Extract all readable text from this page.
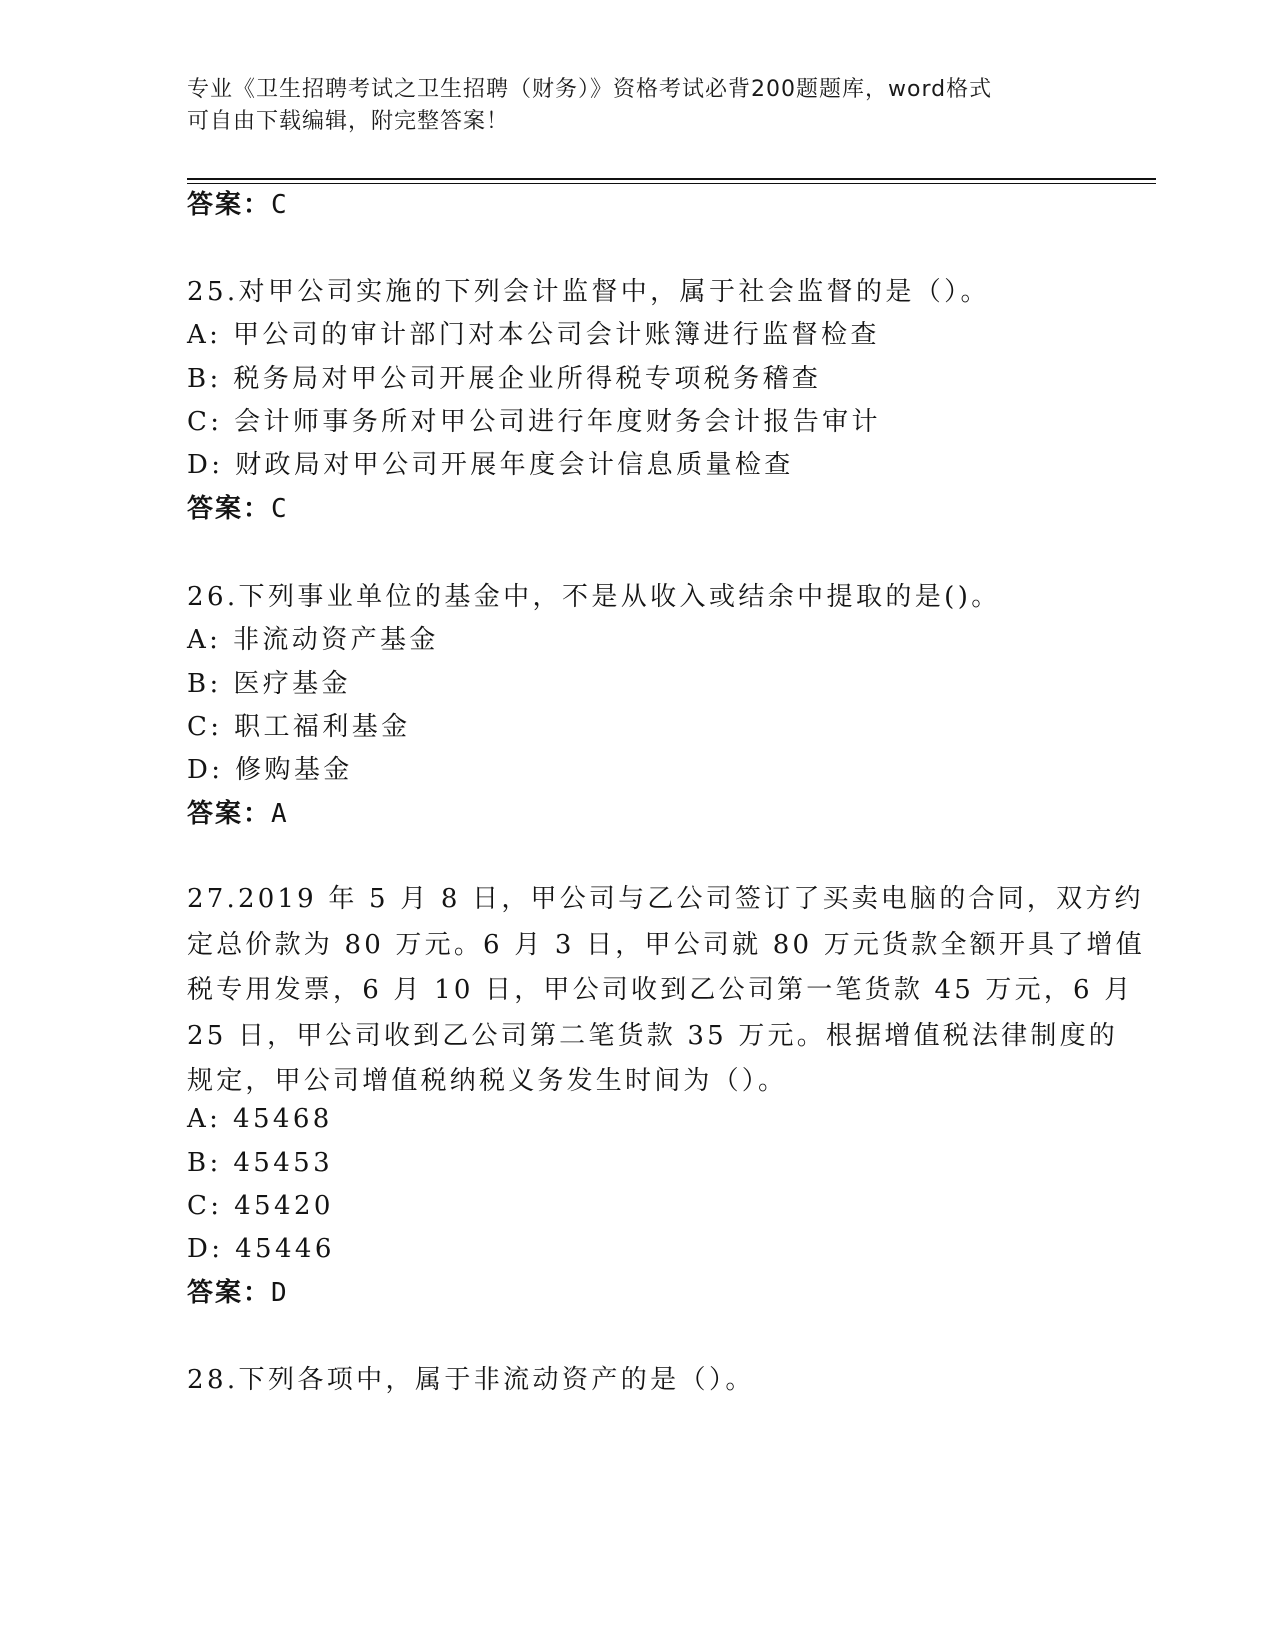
专业《卫生招聘考试之卫生招聘（财务）》资格考试必背200题题库，word格式
可自由下载编辑，附完整答案！
答案：C
25.对甲公司实施的下列会计监督中，属于社会监督的是（）。
A: 甲公司的审计部门对本公司会计账簿进行监督检查
B: 税务局对甲公司开展企业所得税专项税务稽查
C: 会计师事务所对甲公司进行年度财务会计报告审计
D: 财政局对甲公司开展年度会计信息质量检查
答案：C
26.下列事业单位的基金中，不是从收入或结余中提取的是()。
A: 非流动资产基金
B: 医疗基金
C: 职工福利基金
D: 修购基金
答案：A
27.2019 年 5 月 8 日，甲公司与乙公司签订了买卖电脑的合同，双方约
定总价款为 80 万元。6 月 3 日，甲公司就 80 万元货款全额开具了增值
税专用发票，6 月 10 日，甲公司收到乙公司第一笔货款 45 万元，6 月
25 日，甲公司收到乙公司第二笔货款 35 万元。根据增值税法律制度的
规定，甲公司增值税纳税义务发生时间为（）。
A: 45468
B: 45453
C: 45420
D: 45446
答案：D
28.下列各项中，属于非流动资产的是（）。
